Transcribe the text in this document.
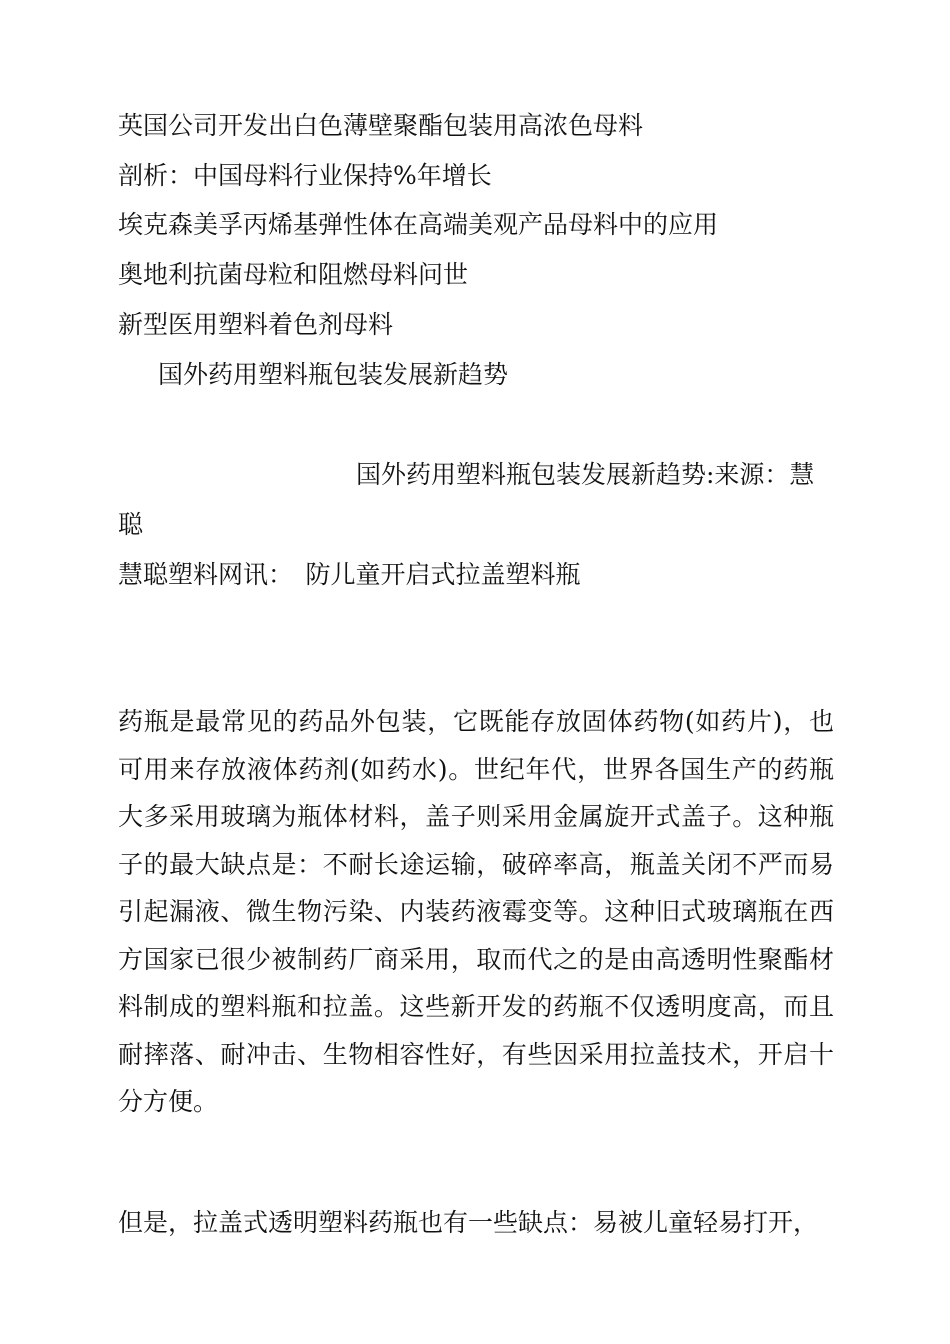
英国公司开发出白色薄壁聚酯包装用高浓色母料
剖析：中国母料行业保持%年增长
埃克森美孚丙烯基弹性体在高端美观产品母料中的应用
奥地利抗菌母粒和阻燃母料问世
新型医用塑料着色剂母料
国外药用塑料瓶包装发展新趋势
国外药用塑料瓶包装发展新趋势:来源：慧
聪
慧聪塑料网讯：　防儿童开启式拉盖塑料瓶
药瓶是最常见的药品外包装，它既能存放固体药物(如药片)，也可用来存放液体药剂(如药水)。世纪年代，世界各国生产的药瓶大多采用玻璃为瓶体材料，盖子则采用金属旋开式盖子。这种瓶子的最大缺点是：不耐长途运输，破碎率高，瓶盖关闭不严而易引起漏液、微生物污染、内装药液霉变等。这种旧式玻璃瓶在西方国家已很少被制药厂商采用，取而代之的是由高透明性聚酯材料制成的塑料瓶和拉盖。这些新开发的药瓶不仅透明度高，而且耐摔落、耐冲击、生物相容性好，有些因采用拉盖技术，开启十分方便。
但是，拉盖式透明塑料药瓶也有一些缺点：易被儿童轻易打开，
